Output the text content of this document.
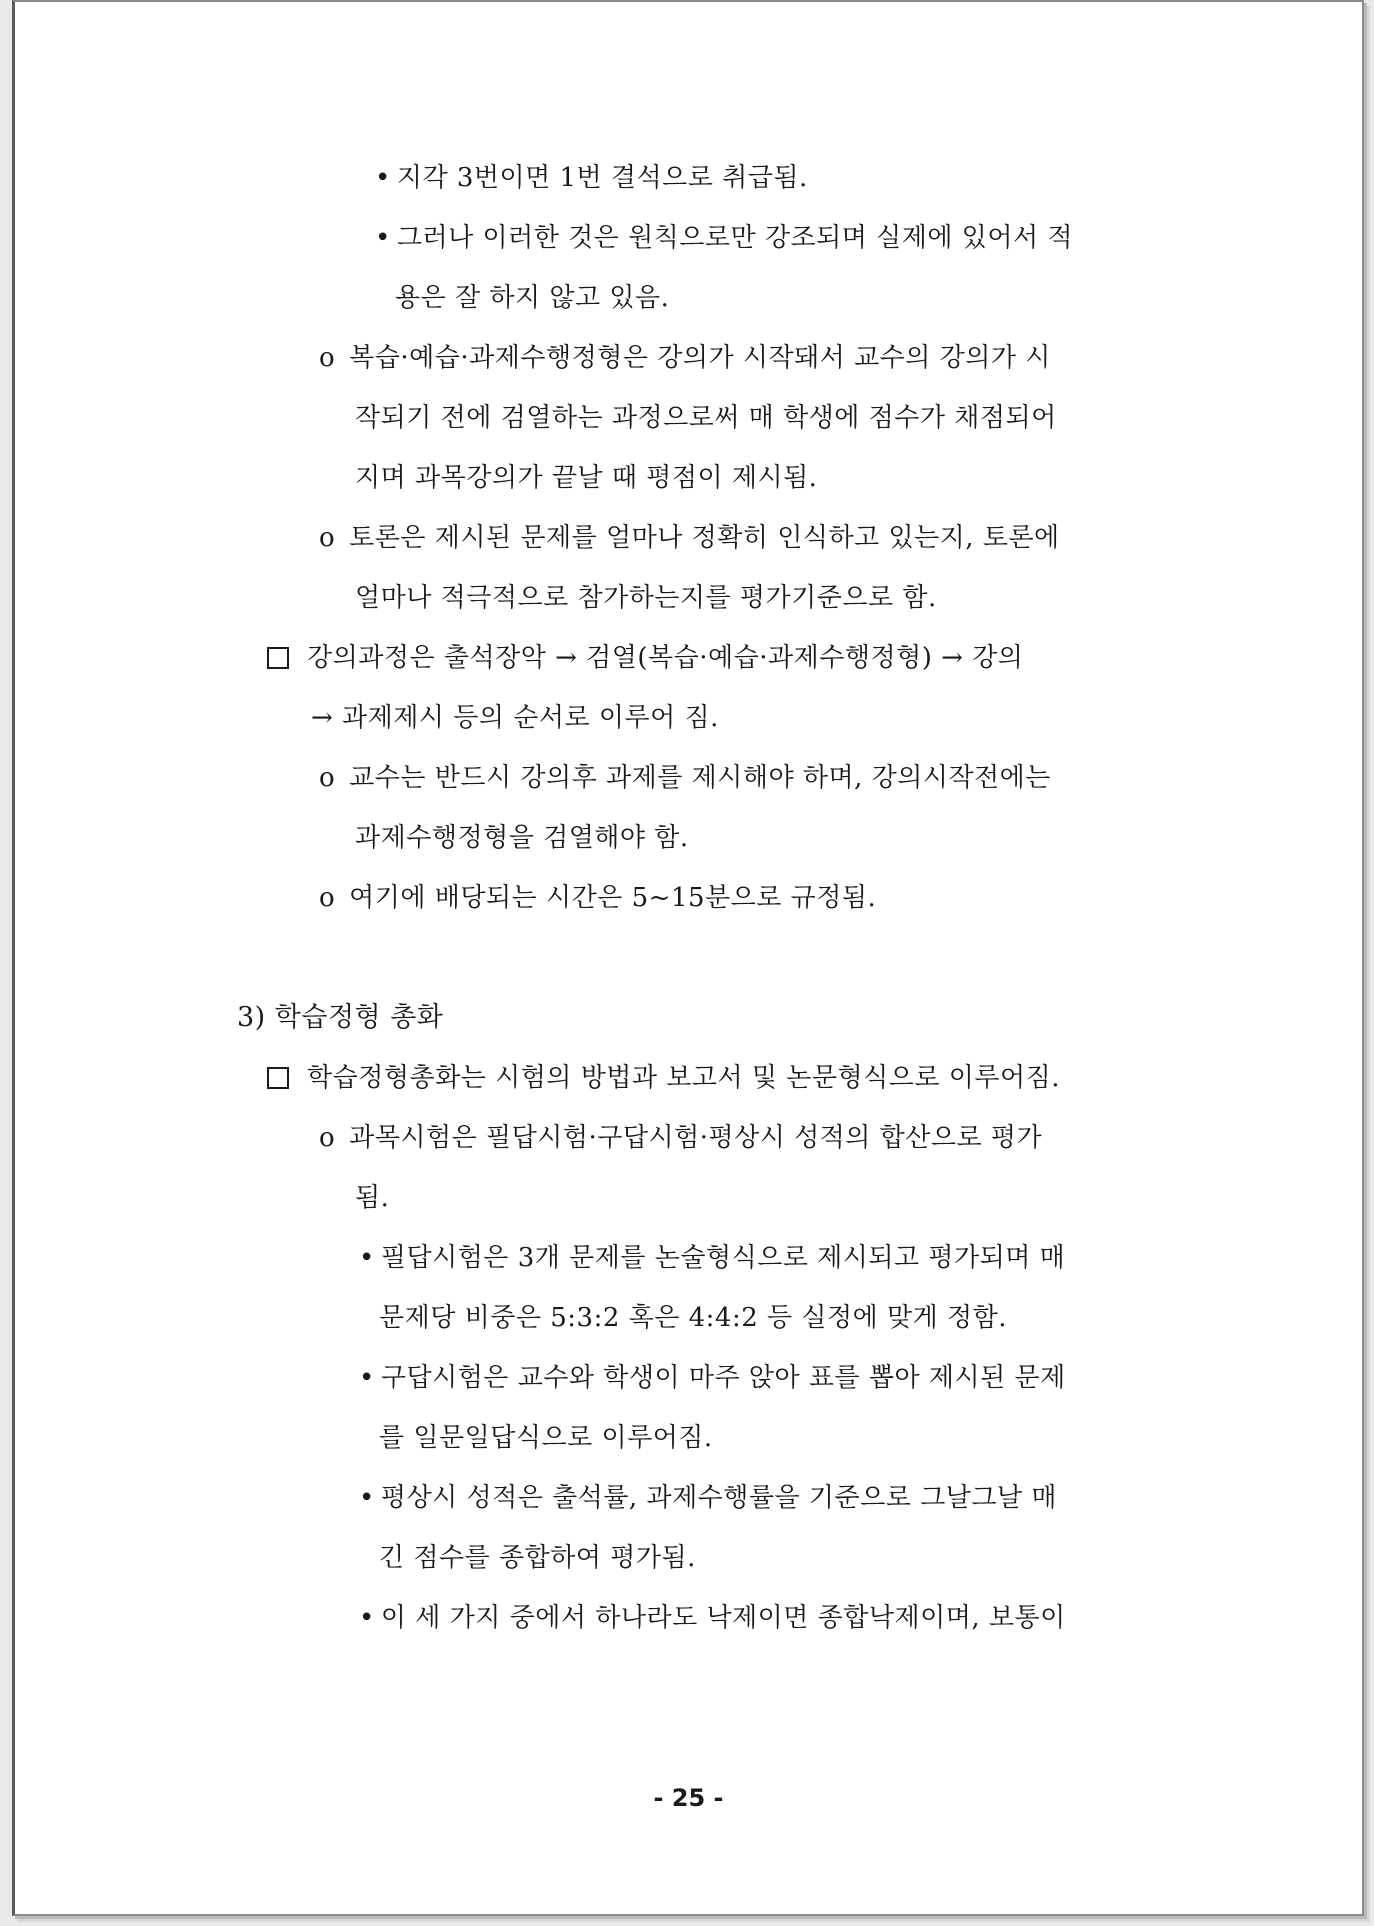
• 지각 3번이면 1번 결석으로 취급됨.
• 그러나 이러한 것은 원칙으로만 강조되며 실제에 있어서 적
용은 잘 하지 않고 있음.
o 복습·예습·과제수행정형은 강의가 시작돼서 교수의 강의가 시
작되기 전에 검열하는 과정으로써 매 학생에 점수가 채점되어
지며 과목강의가 끝날 때 평점이 제시됨.
o 토론은 제시된 문제를 얼마나 정확히 인식하고 있는지, 토론에
얼마나 적극적으로 참가하는지를 평가기준으로 함.
강의과정은 출석장악 → 검열(복습·예습·과제수행정형) → 강의
→ 과제제시 등의 순서로 이루어 짐.
o 교수는 반드시 강의후 과제를 제시해야 하며, 강의시작전에는
과제수행정형을 검열해야 함.
o 여기에 배당되는 시간은 5~15분으로 규정됨.
3) 학습정형 총화
학습정형총화는 시험의 방법과 보고서 및 논문형식으로 이루어짐.
o 과목시험은 필답시험·구답시험·평상시 성적의 합산으로 평가
됨.
• 필답시험은 3개 문제를 논술형식으로 제시되고 평가되며 매
문제당 비중은 5:3:2 혹은 4:4:2 등 실정에 맞게 정함.
• 구답시험은 교수와 학생이 마주 앉아 표를 뽑아 제시된 문제
를 일문일답식으로 이루어짐.
• 평상시 성적은 출석률, 과제수행률을 기준으로 그날그날 매
긴 점수를 종합하여 평가됨.
• 이 세 가지 중에서 하나라도 낙제이면 종합낙제이며, 보통이
- 25 -
